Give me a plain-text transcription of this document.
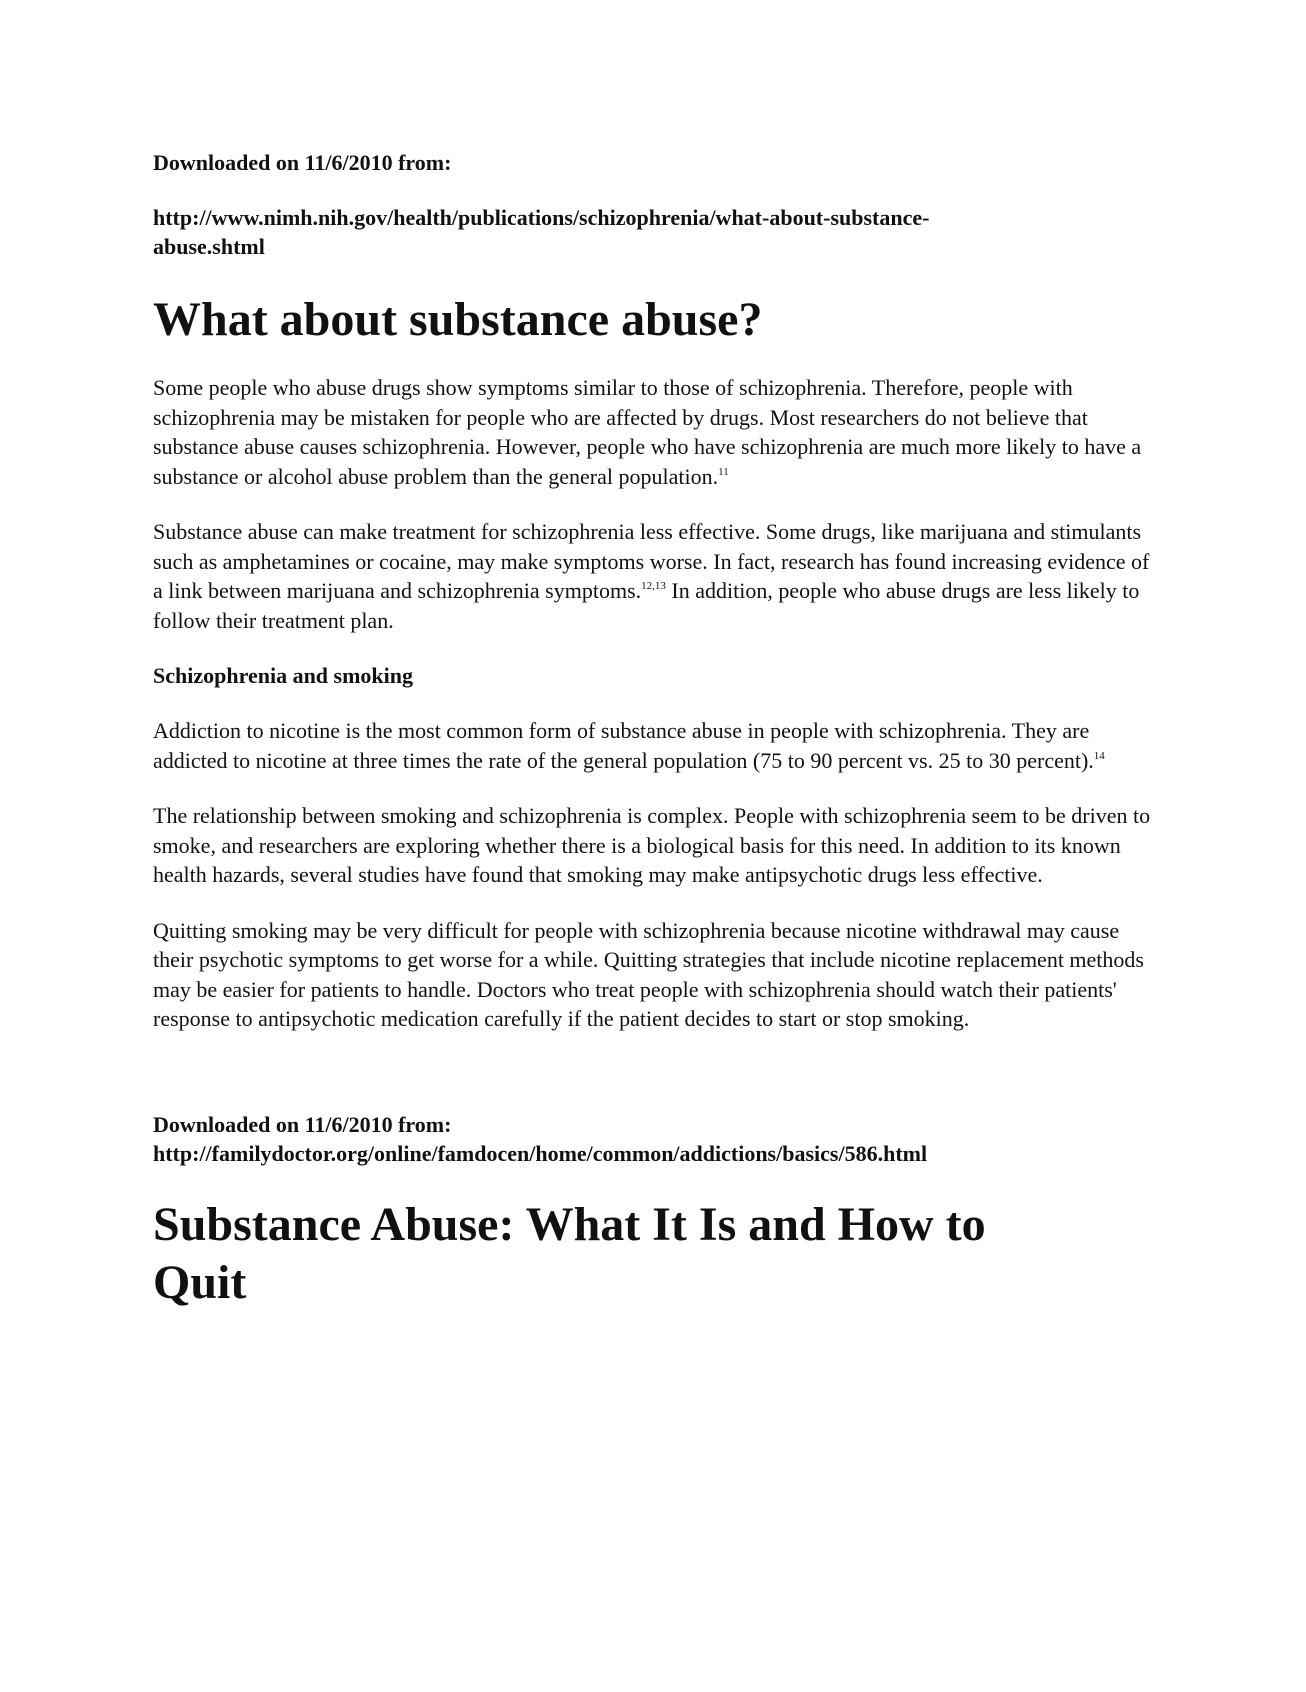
Downloaded on 11/6/2010 from:

http://www.nimh.nih.gov/health/publications/schizophrenia/what-about-substance-
abuse.shtml

What about substance abuse?

Some people who abuse drugs show symptoms similar to those of schizophrenia. Therefore, people with schizophrenia may be mistaken for people who are affected by drugs. Most researchers do not believe that substance abuse causes schizophrenia. However, people who have schizophrenia are much more likely to have a substance or alcohol abuse problem than the general population.$^{11}$

Substance abuse can make treatment for schizophrenia less effective. Some drugs, like marijuana and stimulants such as amphetamines or cocaine, may make symptoms worse. In fact, research has found increasing evidence of a link between marijuana and schizophrenia symptoms.$^{12,13}$ In addition, people who abuse drugs are less likely to follow their treatment plan.

Schizophrenia and smoking

Addiction to nicotine is the most common form of substance abuse in people with schizophrenia. They are addicted to nicotine at three times the rate of the general population (75 to 90 percent vs. 25 to 30 percent).$^{14}$

The relationship between smoking and schizophrenia is complex. People with schizophrenia seem to be driven to smoke, and researchers are exploring whether there is a biological basis for this need. In addition to its known health hazards, several studies have found that smoking may make antipsychotic drugs less effective.

Quitting smoking may be very difficult for people with schizophrenia because nicotine withdrawal may cause their psychotic symptoms to get worse for a while. Quitting strategies that include nicotine replacement methods may be easier for patients to handle. Doctors who treat people with schizophrenia should watch their patients' response to antipsychotic medication carefully if the patient decides to start or stop smoking.

Downloaded on 11/6/2010 from:

http://familydoctor.org/online/famdocen/home/common/addictions/basics/586.html

Substance Abuse: What It Is and How to Quit
